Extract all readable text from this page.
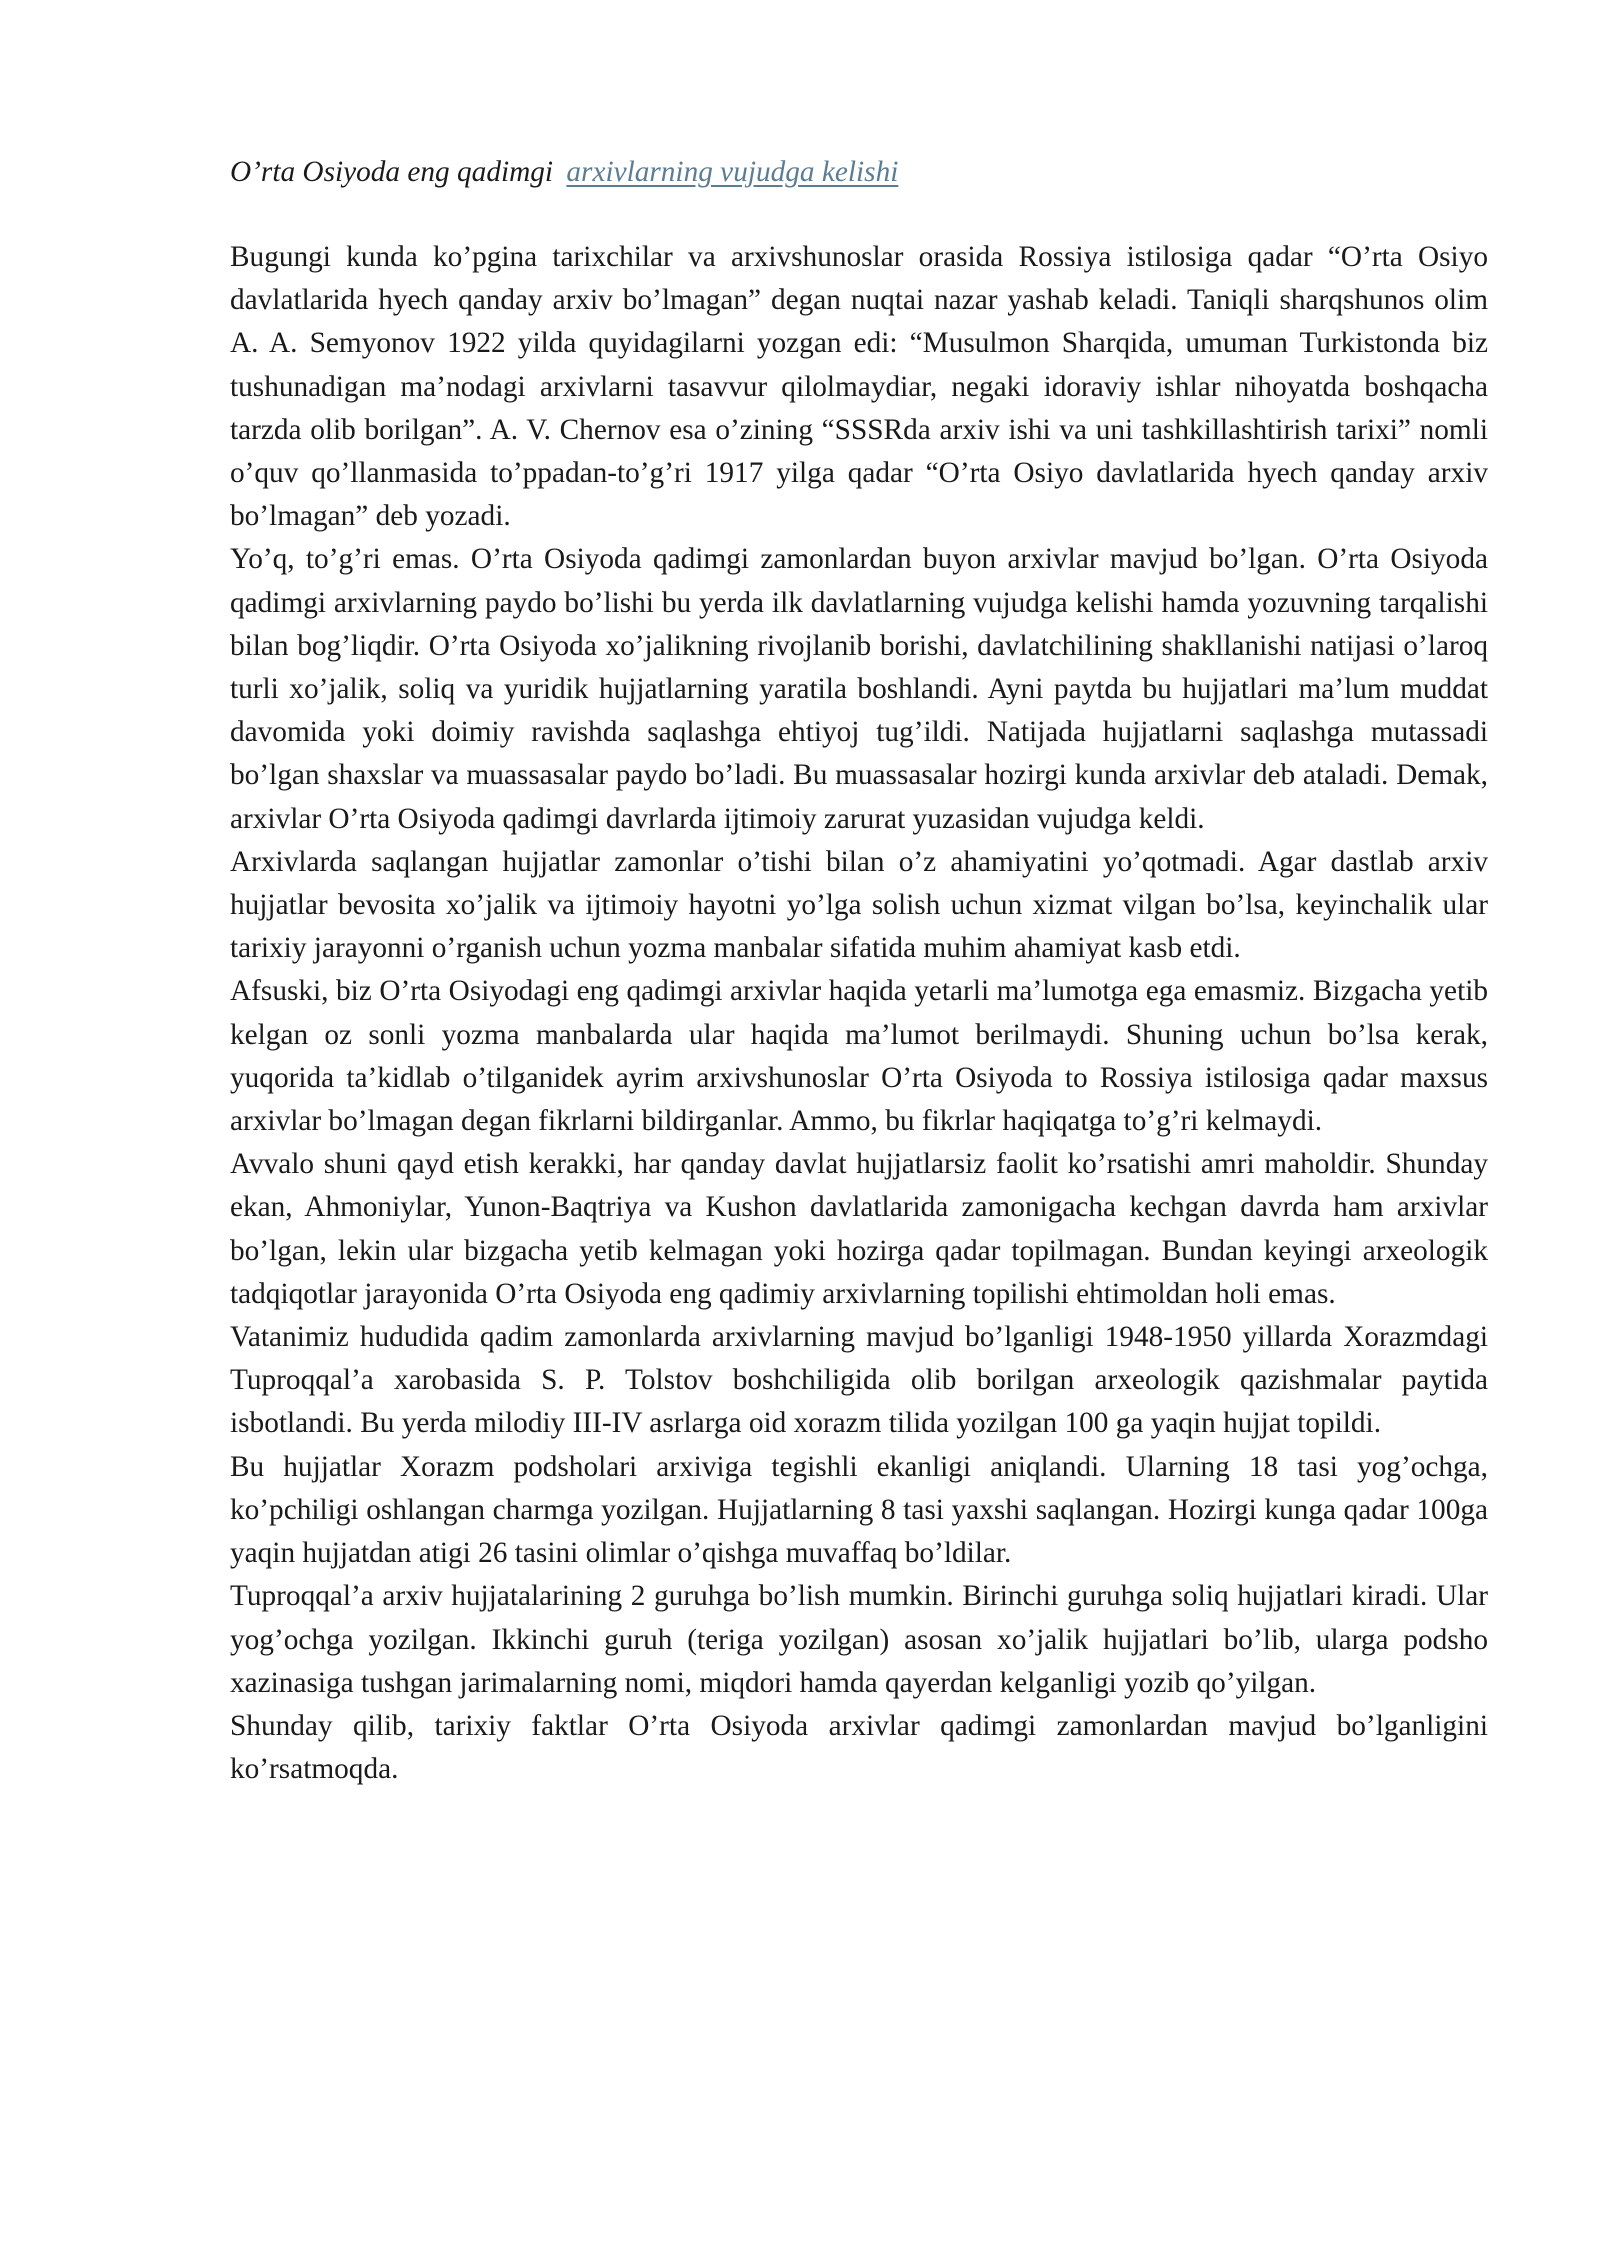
O’rta Osiyoda eng qadimgi arxivlarning vujudga kelishi

Bugungi kunda ko’pgina tarixchilar va arxivshunoslar orasida Rossiya istilosiga qadar “O’rta Osiyo davlatlarida hyech qanday arxiv bo’lmagan” degan nuqtai nazar yashab keladi. Taniqli sharqshunos olim A. A. Semyonov 1922 yilda quyidagilarni yozgan edi: “Musulmon Sharqida, umuman Turkistonda biz tushunadigan ma’nodagi arxivlarni tasavvur qilolmaydiar, negaki idoraviy ishlar nihoyatda boshqacha tarzda olib borilgan”. A. V. Chernov esa o’zining “SSSRda arxiv ishi va uni tashkillashtirish tarixi” nomli o’quv qo’llanmasida to’ppadan-to’g’ri 1917 yilga qadar “O’rta Osiyo davlatlarida hyech qanday arxiv bo’lmagan” deb yozadi.

Yo’q, to’g’ri emas. O’rta Osiyoda qadimgi zamonlardan buyon arxivlar mavjud bo’lgan. O’rta Osiyoda qadimgi arxivlarning paydo bo’lishi bu yerda ilk davlatlarning vujudga kelishi hamda yozuvning tarqalishi bilan bog’liqdir. O’rta Osiyoda xo’jalikning rivojlanib borishi, davlatchilining shakllanishi natijasi o’laroq turli xo’jalik, soliq va yuridik hujjatlarning yaratila boshlandi. Ayni paytda bu hujjatlari ma’lum muddat davomida yoki doimiy ravishda saqlashga ehtiyoj tug’ildi. Natijada hujjatlarni saqlashga mutassadi bo’lgan shaxslar va muassasalar paydo bo’ladi. Bu muassasalar hozirgi kunda arxivlar deb ataladi. Demak, arxivlar O’rta Osiyoda qadimgi davrlarda ijtimoiy zarurat yuzasidan vujudga keldi.

Arxivlarda saqlangan hujjatlar zamonlar o’tishi bilan o’z ahamiyatini yo’qotmadi. Agar dastlab arxiv hujjatlar bevosita xo’jalik va ijtimoiy hayotni yo’lga solish uchun xizmat vilgan bo’lsa, keyinchalik ular tarixiy jarayonni o’rganish uchun yozma manbalar sifatida muhim ahamiyat kasb etdi.

Afsuski, biz O’rta Osiyodagi eng qadimgi arxivlar haqida yetarli ma’lumotga ega emasmiz. Bizgacha yetib kelgan oz sonli yozma manbalarda ular haqida ma’lumot berilmaydi. Shuning uchun bo’lsa kerak, yuqorida ta’kidlab o’tilganidek ayrim arxivshunoslar O’rta Osiyoda to Rossiya istilosiga qadar maxsus arxivlar bo’lmagan degan fikrlarni bildirganlar. Ammo, bu fikrlar haqiqatga to’g’ri kelmaydi.

Avvalo shuni qayd etish kerakki, har qanday davlat hujjatlarsiz faolit ko’rsatishi amri maholdir. Shunday ekan, Ahmoniylar, Yunon-Baqtriya va Kushon davlatlarida zamonigacha kechgan davrda ham arxivlar bo’lgan, lekin ular bizgacha yetib kelmagan yoki hozirga qadar topilmagan. Bundan keyingi arxeologik tadqiqotlar jarayonida O’rta Osiyoda eng qadimiy arxivlarning topilishi ehtimoldan holi emas.

Vatanimiz hududida qadim zamonlarda arxivlarning mavjud bo’lganligi 1948-1950 yillarda Xorazmdagi Tuproqqal’a xarobasida S. P. Tolstov boshchiligida olib borilgan arxeologik qazishmalar paytida isbotlandi. Bu yerda milodiy III-IV asrlarga oid xorazm tilida yozilgan 100 ga yaqin hujjat topildi.

Bu hujjatlar Xorazm podsholari arxiviga tegishli ekanligi aniqlandi. Ularning 18 tasi yog’ochga, ko’pchiligi oshlangan charmga yozilgan. Hujjatlarning 8 tasi yaxshi saqlangan. Hozirgi kunga qadar 100ga yaqin hujjatdan atigi 26 tasini olimlar o’qishga muvaffaq bo’ldilar.

Tuproqqal’a arxiv hujjatalarining 2 guruhga bo’lish mumkin. Birinchi guruhga soliq hujjatlari kiradi. Ular yog’ochga yozilgan. Ikkinchi guruh (teriga yozilgan) asosan xo’jalik hujjatlari bo’lib, ularga podsho xazinasiga tushgan jarimalarning nomi, miqdori hamda qayerdan kelganligi yozib qo’yilgan.

Shunday qilib, tarixiy faktlar O’rta Osiyoda arxivlar qadimgi zamonlardan mavjud bo’lganligini ko’rsatmoqda.
